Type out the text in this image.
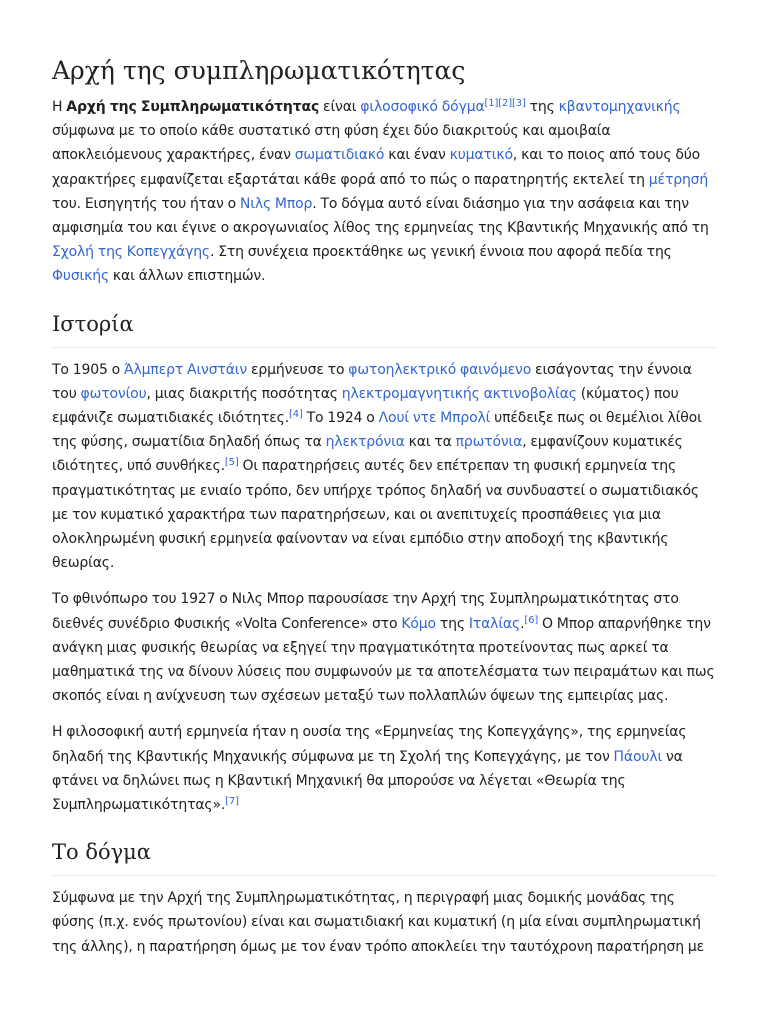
Αρχή της συμπληρωματικότητας

Η Αρχή της Συμπληρωματικότητας είναι φιλοσοφικό δόγμα[1][2][3] της κβαντομηχανικής σύμφωνα με το οποίο κάθε συστατικό στη φύση έχει δύο διακριτούς και αμοιβαία αποκλειόμενους χαρακτήρες, έναν σωματιδιακό και έναν κυματικό, και το ποιος από τους δύο χαρακτήρες εμφανίζεται εξαρτάται κάθε φορά από το πώς ο παρατηρητής εκτελεί τη μέτρησή του. Εισηγητής του ήταν ο Νιλς Μπορ. Το δόγμα αυτό είναι διάσημο για την ασάφεια και την αμφισημία του και έγινε ο ακρογωνιαίος λίθος της ερμηνείας της Κβαντικής Μηχανικής από τη Σχολή της Κοπεγχάγης. Στη συνέχεια προεκτάθηκε ως γενική έννοια που αφορά πεδία της Φυσικής και άλλων επιστημών.

Ιστορία

Το 1905 ο Άλμπερτ Αινστάιν ερμήνευσε το φωτοηλεκτρικό φαινόμενο εισάγοντας την έννοια του φωτονίου, μιας διακριτής ποσότητας ηλεκτρομαγνητικής ακτινοβολίας (κύματος) που εμφάνιζε σωματιδιακές ιδιότητες.[4] Το 1924 ο Λουί ντε Μπρολί υπέδειξε πως οι θεμέλιοι λίθοι της φύσης, σωματίδια δηλαδή όπως τα ηλεκτρόνια και τα πρωτόνια, εμφανίζουν κυματικές ιδιότητες, υπό συνθήκες.[5] Οι παρατηρήσεις αυτές δεν επέτρεπαν τη φυσική ερμηνεία της πραγματικότητας με ενιαίο τρόπο, δεν υπήρχε τρόπος δηλαδή να συνδυαστεί ο σωματιδιακός με τον κυματικό χαρακτήρα των παρατηρήσεων, και οι ανεπιτυχείς προσπάθειες για μια ολοκληρωμένη φυσική ερμηνεία φαίνονταν να είναι εμπόδιο στην αποδοχή της κβαντικής θεωρίας.

Το φθινόπωρο του 1927 ο Νιλς Μπορ παρουσίασε την Αρχή της Συμπληρωματικότητας στο διεθνές συνέδριο Φυσικής «Volta Conference» στο Κόμο της Ιταλίας.[6] Ο Μπορ απαρνήθηκε την ανάγκη μιας φυσικής θεωρίας να εξηγεί την πραγματικότητα προτείνοντας πως αρκεί τα μαθηματικά της να δίνουν λύσεις που συμφωνούν με τα αποτελέσματα των πειραμάτων και πως σκοπός είναι η ανίχνευση των σχέσεων μεταξύ των πολλαπλών όψεων της εμπειρίας μας.

Η φιλοσοφική αυτή ερμηνεία ήταν η ουσία της «Ερμηνείας της Κοπεγχάγης», της ερμηνείας δηλαδή της Κβαντικής Μηχανικής σύμφωνα με τη Σχολή της Κοπεγχάγης, με τον Πάουλι να φτάνει να δηλώνει πως η Κβαντική Μηχανική θα μπορούσε να λέγεται «Θεωρία της Συμπληρωματικότητας».[7]

Το δόγμα

Σύμφωνα με την Αρχή της Συμπληρωματικότητας, η περιγραφή μιας δομικής μονάδας της φύσης (π.χ. ενός πρωτονίου) είναι και σωματιδιακή και κυματική (η μία είναι συμπληρωματική της άλλης), η παρατήρηση όμως με τον έναν τρόπο αποκλείει την ταυτόχρονη παρατήρηση με
